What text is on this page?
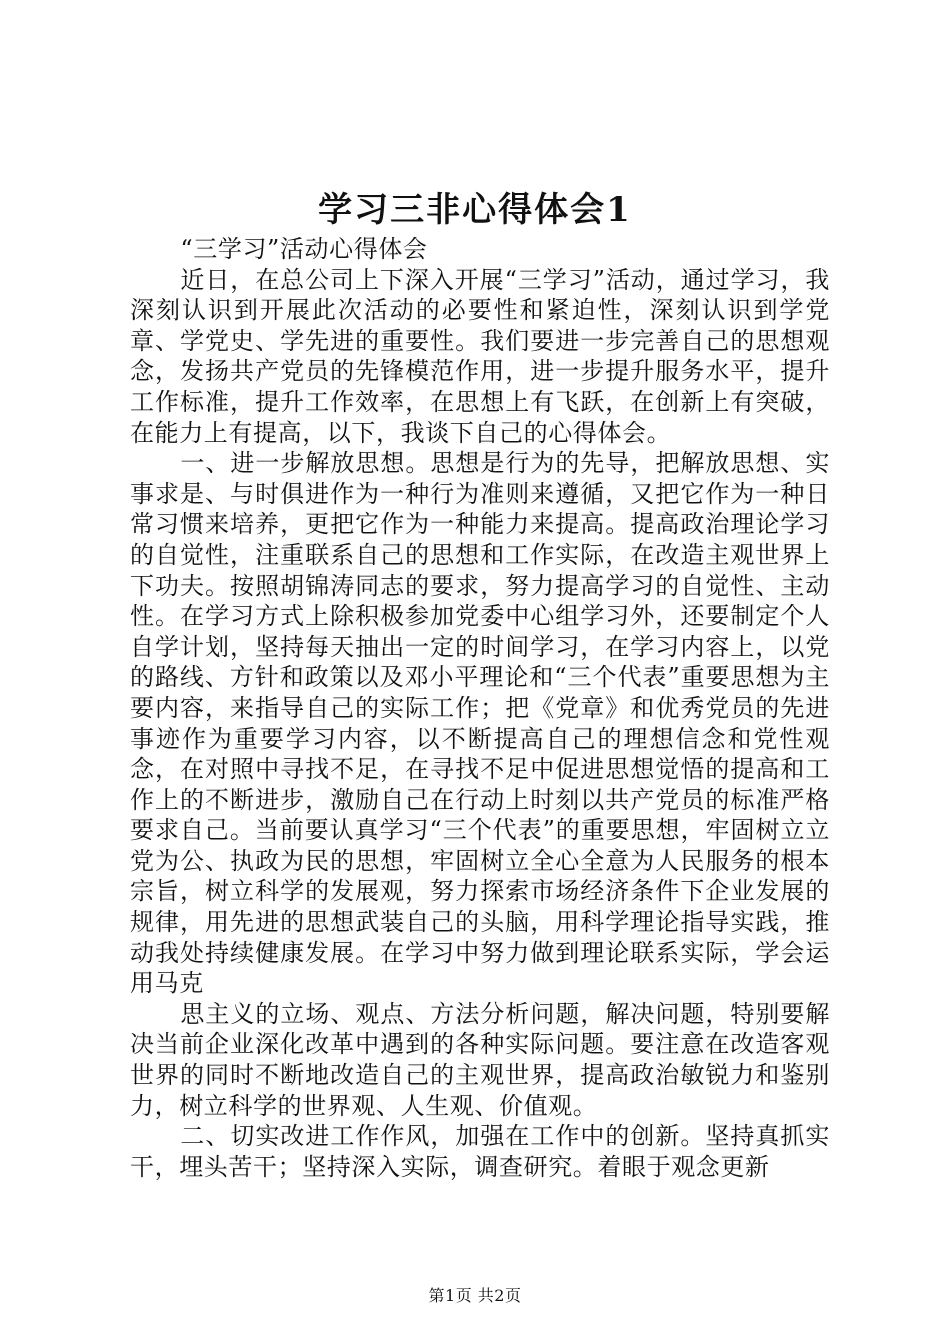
学习三非心得体会1

“三学习”活动心得体会

近日，在总公司上下深入开展“三学习”活动，通过学习，我深刻认识到开展此次活动的必要性和紧迫性，深刻认识到学党章、学党史、学先进的重要性。我们要进一步完善自己的思想观念，发扬共产党员的先锋模范作用，进一步提升服务水平，提升工作标准，提升工作效率，在思想上有飞跃，在创新上有突破，在能力上有提高，以下，我谈下自己的心得体会。

一、进一步解放思想。思想是行为的先导，把解放思想、实事求是、与时俱进作为一种行为准则来遵循，又把它作为一种日常习惯来培养，更把它作为一种能力来提高。提高政治理论学习的自觉性，注重联系自己的思想和工作实际，在改造主观世界上下功夫。按照胡锦涛同志的要求，努力提高学习的自觉性、主动性。在学习方式上除积极参加党委中心组学习外，还要制定个人自学计划，坚持每天抽出一定的时间学习，在学习内容上，以党的路线、方针和政策以及邓小平理论和“三个代表”重要思想为主要内容，来指导自己的实际工作；把《党章》和优秀党员的先进事迹作为重要学习内容，以不断提高自己的理想信念和党性观念，在对照中寻找不足，在寻找不足中促进思想觉悟的提高和工作上的不断进步，激励自己在行动上时刻以共产党员的标准严格要求自己。当前要认真学习“三个代表”的重要思想，牢固树立立党为公、执政为民的思想，牢固树立全心全意为人民服务的根本宗旨，树立科学的发展观，努力探索市场经济条件下企业发展的规律，用先进的思想武装自己的头脑，用科学理论指导实践，推动我处持续健康发展。在学习中努力做到理论联系实际，学会运用马克

思主义的立场、观点、方法分析问题，解决问题，特别要解决当前企业深化改革中遇到的各种实际问题。要注意在改造客观世界的同时不断地改造自己的主观世界，提高政治敏锐力和鉴别力，树立科学的世界观、人生观、价值观。

二、切实改进工作作风，加强在工作中的创新。坚持真抓实干，埋头苦干；坚持深入实际，调查研究。着眼于观念更新

第1页 共2页
